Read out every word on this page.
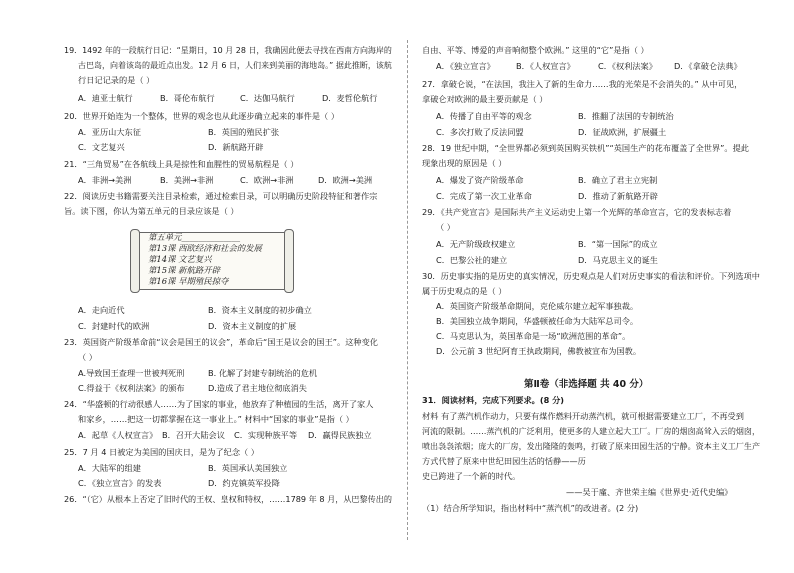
19．1492 年的一段航行日记：“星期日，10 月 28 日，我确因此便去寻找在西南方向海岸的
古巴岛，向着该岛的最近点出发。12 月 6 日，人们来到美丽的海地岛。” 据此推断，该航
行日记记录的是（ ）
A．迪亚士航行	B．哥伦布航行	C．达伽马航行	D．麦哲伦航行
20．世界开始连为一个整体，世界的观念也从此逐步确立起来的事件是（ ）
A．亚历山大东征	B．英国的殖民扩张
C．文艺复兴	D．新航路开辟
21．“三角贸易”在各航线上具是掠性和血腥性的贸易航程是（ ）
A．非洲→美洲	B．美洲→非洲	C．欧洲→非洲	D．欧洲→美洲
22．阅读历史书籍需要关注目录检索，通过检索目录，可以明确历史阶段特征和著作宗
旨。读下图，你认为第五单元的目录应该是（ ）
第五单元______________
第13课 西欧经济和社会的发展
第14课 文艺复兴
第15课 新航路开辟
第16课 早期殖民掠夺
A．走向近代	B．资本主义制度的初步确立
C．封建时代的欧洲	D．资本主义制度的扩展
23．英国资产阶级革命前“议会是国王的议会”，革命后“国王是议会的国王”。这种变化
（ ）
A.导致国王查理一世被判死刑	B. 化解了封建专制统治的危机
C.得益于《权利法案》的颁布	D.造成了君主地位彻底消失
24．“华盛顿的行动很感人……为了国家的事业，他放弃了种植园的生活，离开了家人
和家乡，……把这一切都掌握在这一事业上。” 材料中“国家的事业”是指（ ）
A．起草《人权宣言》 B．召开大陆会议 C．实现种族平等 D．赢得民族独立
25．7 月 4 日被定为美国的国庆日，是为了纪念（ ）
A．大陆军的组建	B．英国承认美国独立
C．《独立宣言》的发表	D．约克镇英军投降
26．“（它）从根本上否定了旧时代的王权、皇权和特权，……1789 年 8 月，从巴黎传出的
自由、平等、博爱的声音响彻整个欧洲。” 这里的“它”是指（ ）
A．《独立宣言》	B．《人权宣言》	C．《权利法案》 D．《拿破仑法典》
27．拿破仑说，“在法国，我注入了新的生命力……我的光荣是不会消失的。” 从中可见，
拿破仑对欧洲的最主要贡献是（ ）
A．传播了自由平等的观念	B．推翻了法国的专制统治
C．多次打败了反法同盟	D．征战欧洲，扩展疆土
28．19 世纪中期，“全世界都必须到英国购买铁机”“英国生产的花布覆盖了全世界”。提此
现象出现的原因是（ ）
A．爆发了资产阶级革命	B．确立了君主立宪制
C．完成了第一次工业革命	D．推动了新航路开辟
29．《共产党宣言》是国际共产主义运动史上第一个光辉的革命宣言，它的发表标志着
（ ）
A．无产阶级政权建立	B．“第一国际”的成立
C．巴黎公社的建立	D．马克思主义的诞生
30．历史事实指的是历史的真实情况，历史观点是人们对历史事实的看法和评价。下列选项中
属于历史观点的是（ ）
A．英国资产阶级革命期间，克伦威尔建立起军事独裁。
B．美国独立战争期间，华盛顿被任命为大陆军总司令。
C．马克思认为，英国革命是一场“欧洲范围的革命”。
D．公元前 3 世纪阿育王执政期间，佛教被宣布为国教。
第Ⅱ卷（非选择题 共 40 分）
31．阅读材料，完成下列要求。(8 分)
材料 有了蒸汽机作动力，只要有煤作燃料开动蒸汽机，就可根据需要建立工厂，不再受到
河流的限制。……蒸汽机的广泛利用，使更多的人建立起大工厂。厂房的烟囱高耸入云的烟囱，
喷出袅袅浓烟；庞大的厂房，发出隆隆的轰鸣，打破了原来田园生活的宁静。资本主义工厂生产
方式代替了原来中世纪田园生活的恬静——历
史已跨进了一个新的时代。
——吴于廑、齐世荣主编《世界史·近代史编》
（1）结合所学知识，指出材料中“蒸汽机”的改进者。(2 分)
